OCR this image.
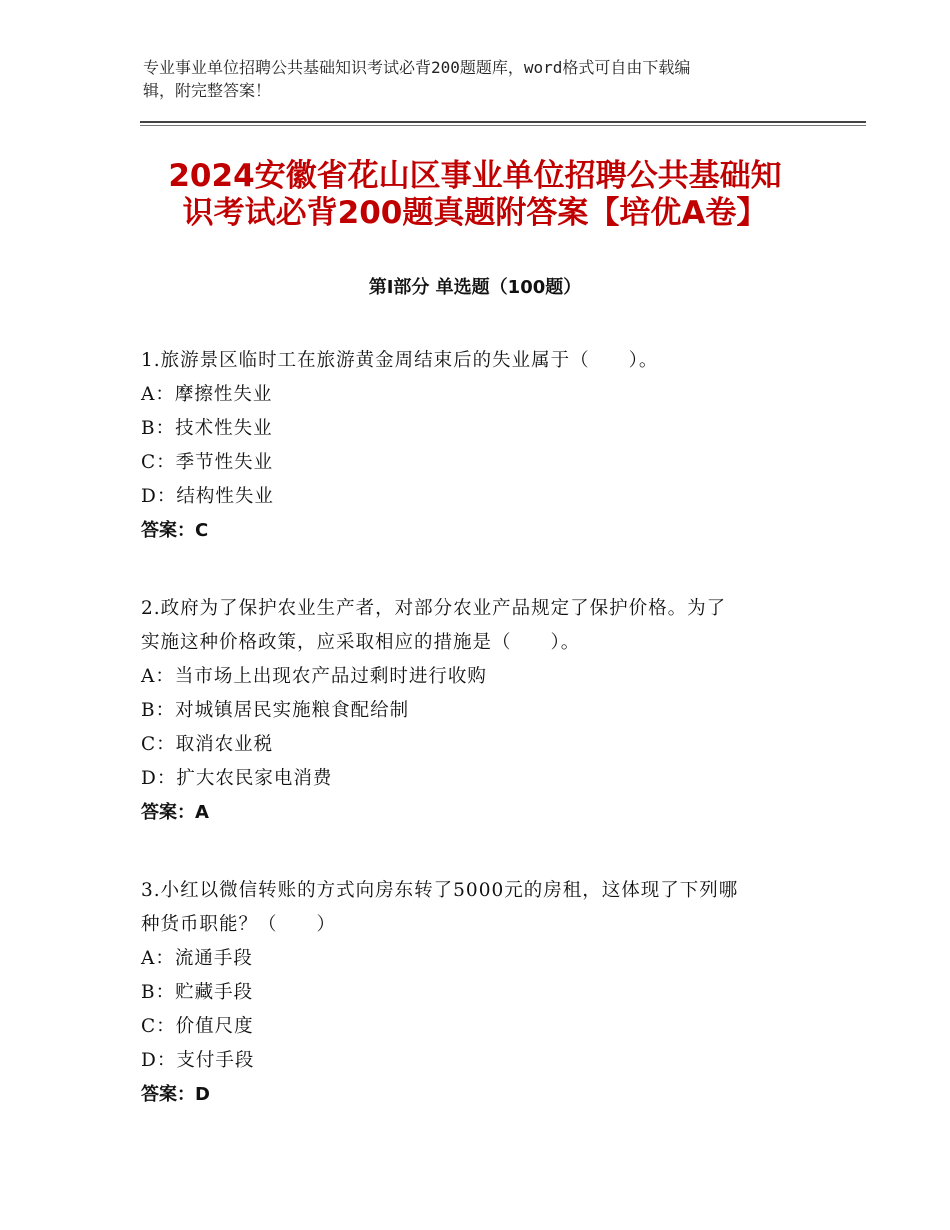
专业事业单位招聘公共基础知识考试必背200题题库，word格式可自由下载编
辑，附完整答案！
2024安徽省花山区事业单位招聘公共基础知
识考试必背200题真题附答案【培优A卷】
第Ⅰ部分 单选题（100题）
1.旅游景区临时工在旅游黄金周结束后的失业属于（　　）。
A：摩擦性失业
B：技术性失业
C：季节性失业
D：结构性失业
答案：C
2.政府为了保护农业生产者，对部分农业产品规定了保护价格。为了
实施这种价格政策，应采取相应的措施是（　　）。
A：当市场上出现农产品过剩时进行收购
B：对城镇居民实施粮食配给制
C：取消农业税
D：扩大农民家电消费
答案：A
3.小红以微信转账的方式向房东转了5000元的房租，这体现了下列哪
种货币职能？（　　）
A：流通手段
B：贮藏手段
C：价值尺度
D：支付手段
答案：D
